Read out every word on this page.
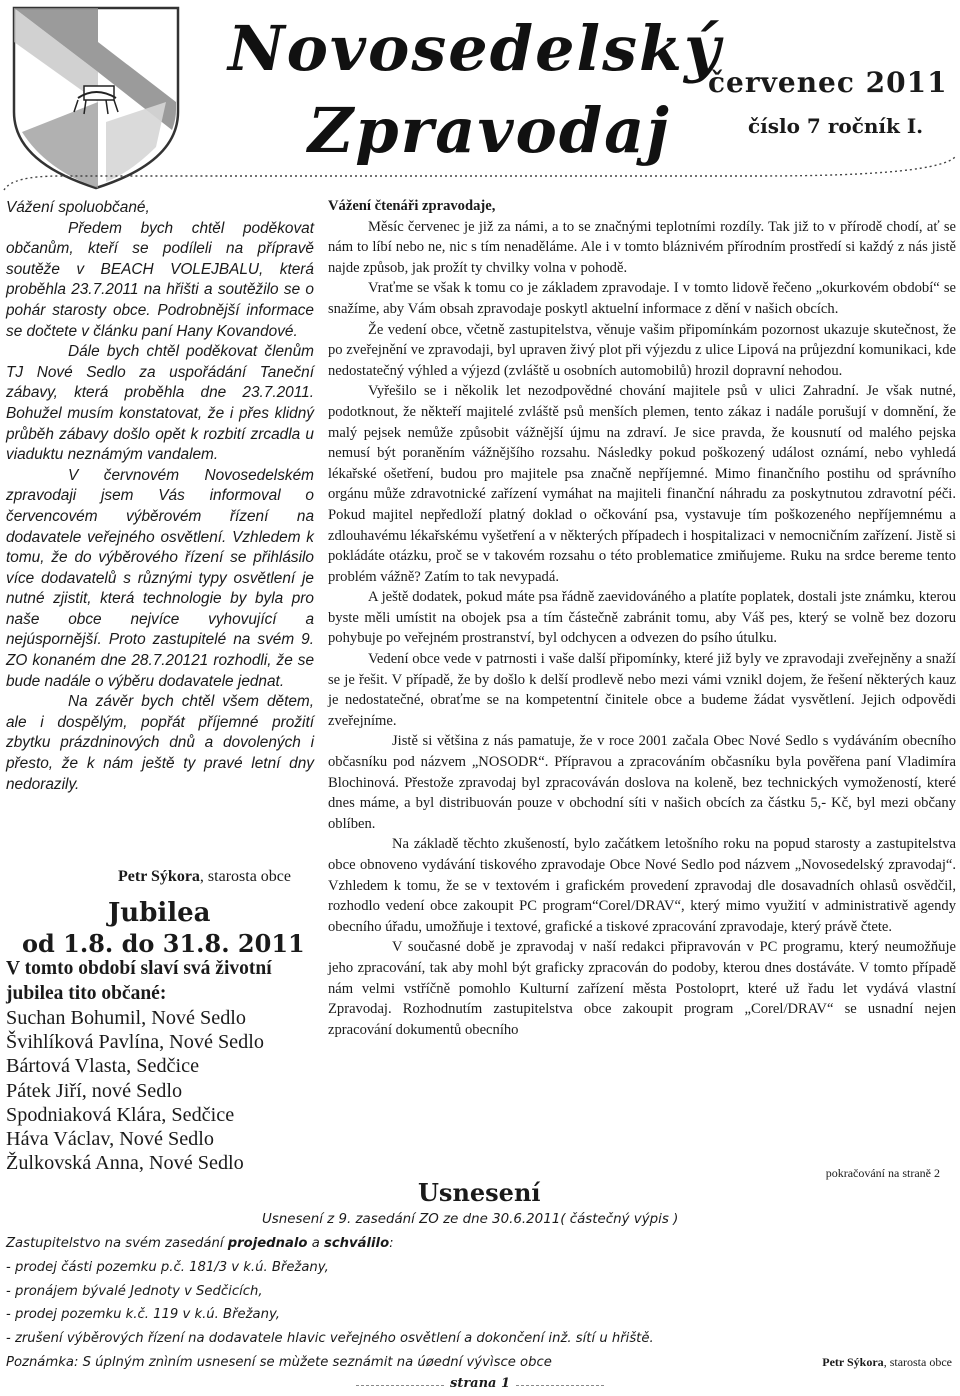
Novosedelský
Zpravodaj
červenec 2011
číslo 7 ročník I.

Vážení spoluobčané,

Předem bych chtěl poděkovat občanům, kteří se podíleli na přípravě soutěže v BEACH VOLEJBALU, která proběhla 23.7.2011 na hřišti a soutěžilo se o pohár starosty obce. Podrobnější informace se dočtete v článku paní Hany Kovandové.

Dále bych chtěl poděkovat členům TJ Nové Sedlo za uspořádání Taneční zábavy, která proběhla dne 23.7.2011. Bohužel musím konstatovat, že i přes klidný průběh zábavy došlo opět k rozbití zrcadla u viaduktu neznámým vandalem.

V červnovém Novosedelském zpravodaji jsem Vás informoval o červencovém výběrovém řízení na dodavatele veřejného osvětlení. Vzhledem k tomu, že do výběrového řízení se přihlásilo více dodavatelů s různými typy osvětlení je nutné zjistit, která technologie by byla pro naše obce nejvíce vyhovující a nejúspornější. Proto zastupitelé na svém 9. ZO konaném dne 28.7.20121 rozhodli, že se bude nadále o výběru dodavatele jednat.

Na závěr bych chtěl všem dětem, ale i dospělým, popřát příjemné prožití zbytku prázdninových dnů a dovolených i přesto, že k nám ještě ty pravé letní dny nedorazily.

Petr Sýkora, starosta obce
Jubilea
od 1.8. do 31.8. 2011
V tomto období slaví svá životní jubilea tito občané:
Suchan Bohumil, Nové Sedlo
Švihlíková Pavlína, Nové Sedlo
Bártová Vlasta, Sedčice
Pátek Jiří, nové Sedlo
Spodniaková Klára, Sedčice
Háva Václav, Nové Sedlo
Žulkovská Anna, Nové Sedlo

Vážení čtenáři zpravodaje,

Měsíc červenec je již za námi, a to se značnými teplotními rozdíly. Tak již to v přírodě chodí, ať se nám to líbí nebo ne, nic s tím nenaděláme. Ale i v tomto bláznivém přírodním prostředí si každý z nás jistě najde způsob, jak prožít ty chvilky volna v pohodě.

Vraťme se však k tomu co je základem zpravodaje. I v tomto lidově řečeno „okurkovém období“ se snažíme, aby Vám obsah zpravodaje poskytl aktuelní informace z dění v našich obcích.

Že vedení obce, včetně zastupitelstva, věnuje vašim připomínkám pozornost ukazuje skutečnost, že po zveřejnění ve zpravodaji, byl upraven živý plot při výjezdu z ulice Lipová na průjezdní komunikaci, kde nedostatečný výhled a výjezd (zvláště u osobních automobilů) hrozil dopravní nehodou.

Vyřešilo se i několik let nezodpovědné chování majitele psů v ulici Zahradní. Je však nutné, podotknout, že někteří majitelé zvláště psů menších plemen, tento zákaz i nadále porušují v domnění, že malý pejsek nemůže způsobit vážnější újmu na zdraví. Je sice pravda, že kousnutí od malého pejska nemusí být poraněním vážnějšího rozsahu. Následky pokud poškozený událost oznámí, nebo vyhledá lékařské ošetření, budou pro majitele psa značně nepříjemné. Mimo finančního postihu od správního orgánu může zdravotnické zařízení vymáhat na majiteli finanční náhradu za poskytnutou zdravotní péči. Pokud majitel nepředloží platný doklad o očkování psa, vystavuje tím poškozeného nepříjemnému a zdlouhavému lékařskému vyšetření a v některých případech i hospitalizaci v nemocničním zařízení. Jistě si pokládáte otázku, proč se v takovém rozsahu o této problematice zmiňujeme. Ruku na srdce bereme tento problém vážně? Zatím to tak nevypadá.

A ještě dodatek, pokud máte psa řádně zaevidováného a platíte poplatek, dostali jste známku, kterou byste měli umístit na obojek psa a tím částečně zabránit tomu, aby Váš pes, který se volně bez dozoru pohybuje po veřejném prostranství, byl odchycen a odvezen do psího útulku.

Vedení obce vede v patrnosti i vaše další připomínky, které již byly ve zpravodaji zveřejněny a snaží se je řešit. V případě, že by došlo k delší prodlevě nebo mezi vámi vznikl dojem, že řešení některých kauz je nedostatečné, obraťme se na kompetentní činitele obce a budeme žádat vysvětlení. Jejich odpovědi zveřejníme.

Jistě si většina z nás pamatuje, že v roce 2001 začala Obec Nové Sedlo s vydáváním obecního občasníku pod názvem „NOSODR“. Přípravou a zpracováním občasníku byla pověřena paní Vladimíra Blochinová. Přestože zpravodaj byl zpracováván doslova na koleně, bez technických vymožeností, které dnes máme, a byl distribuován pouze v obchodní síti v našich obcích za částku 5,- Kč, byl mezi občany oblíben.

Na základě těchto zkušeností, bylo začátkem letošního roku na popud starosty a zastupitelstva obce obnoveno vydávání tiskového zpravodaje Obce Nové Sedlo pod názvem „Novosedelský zpravodaj“. Vzhledem k tomu, že se v textovém i grafickém provedení zpravodaj dle dosavadních ohlasů osvědčil, rozhodlo vedení obce zakoupit PC program“Corel/DRAV“, který mimo využití v administrativě agendy obecního úřadu, umožňuje i textové, grafické a tiskové zpracování zpravodaje, který právě čtete.

V současné době je zpravodaj v naší redakci připravován v PC programu, který neumožňuje jeho zpracování, tak aby mohl být graficky zpracován do podoby, kterou dnes dostáváte. V tomto případě nám velmi vstříčně pomohlo Kulturní zařízení města Postoloprt, které už řadu let vydává vlastní Zpravodaj. Rozhodnutím zastupitelstva obce zakoupit program „Corel/DRAV“ se usnadní nejen zpracování dokumentů obecního

pokračování na straně 2
Usnesení
Usnesení z 9. zasedání ZO ze dne 30.6.2011( částečný výpis )

Zastupitelstvo na svém zasedání projednalo a schválilo:

- prodej části pozemku p.č. 181/3 v k.ú. Břežany,

- pronájem bývalé Jednoty v Sedčicích,

- prodej pozemku k.č. 119 v k.ú. Břežany,

- zrušení výběrových řízení na dodavatele hlavic veřejného osvětlení a dokončení inž. sítí u hřiště.

Poznámka: S úplným znìním usnesení se mùžete seznámit na úøední vývìsce obce	Petr Sýkora, starosta obce
strana 1
